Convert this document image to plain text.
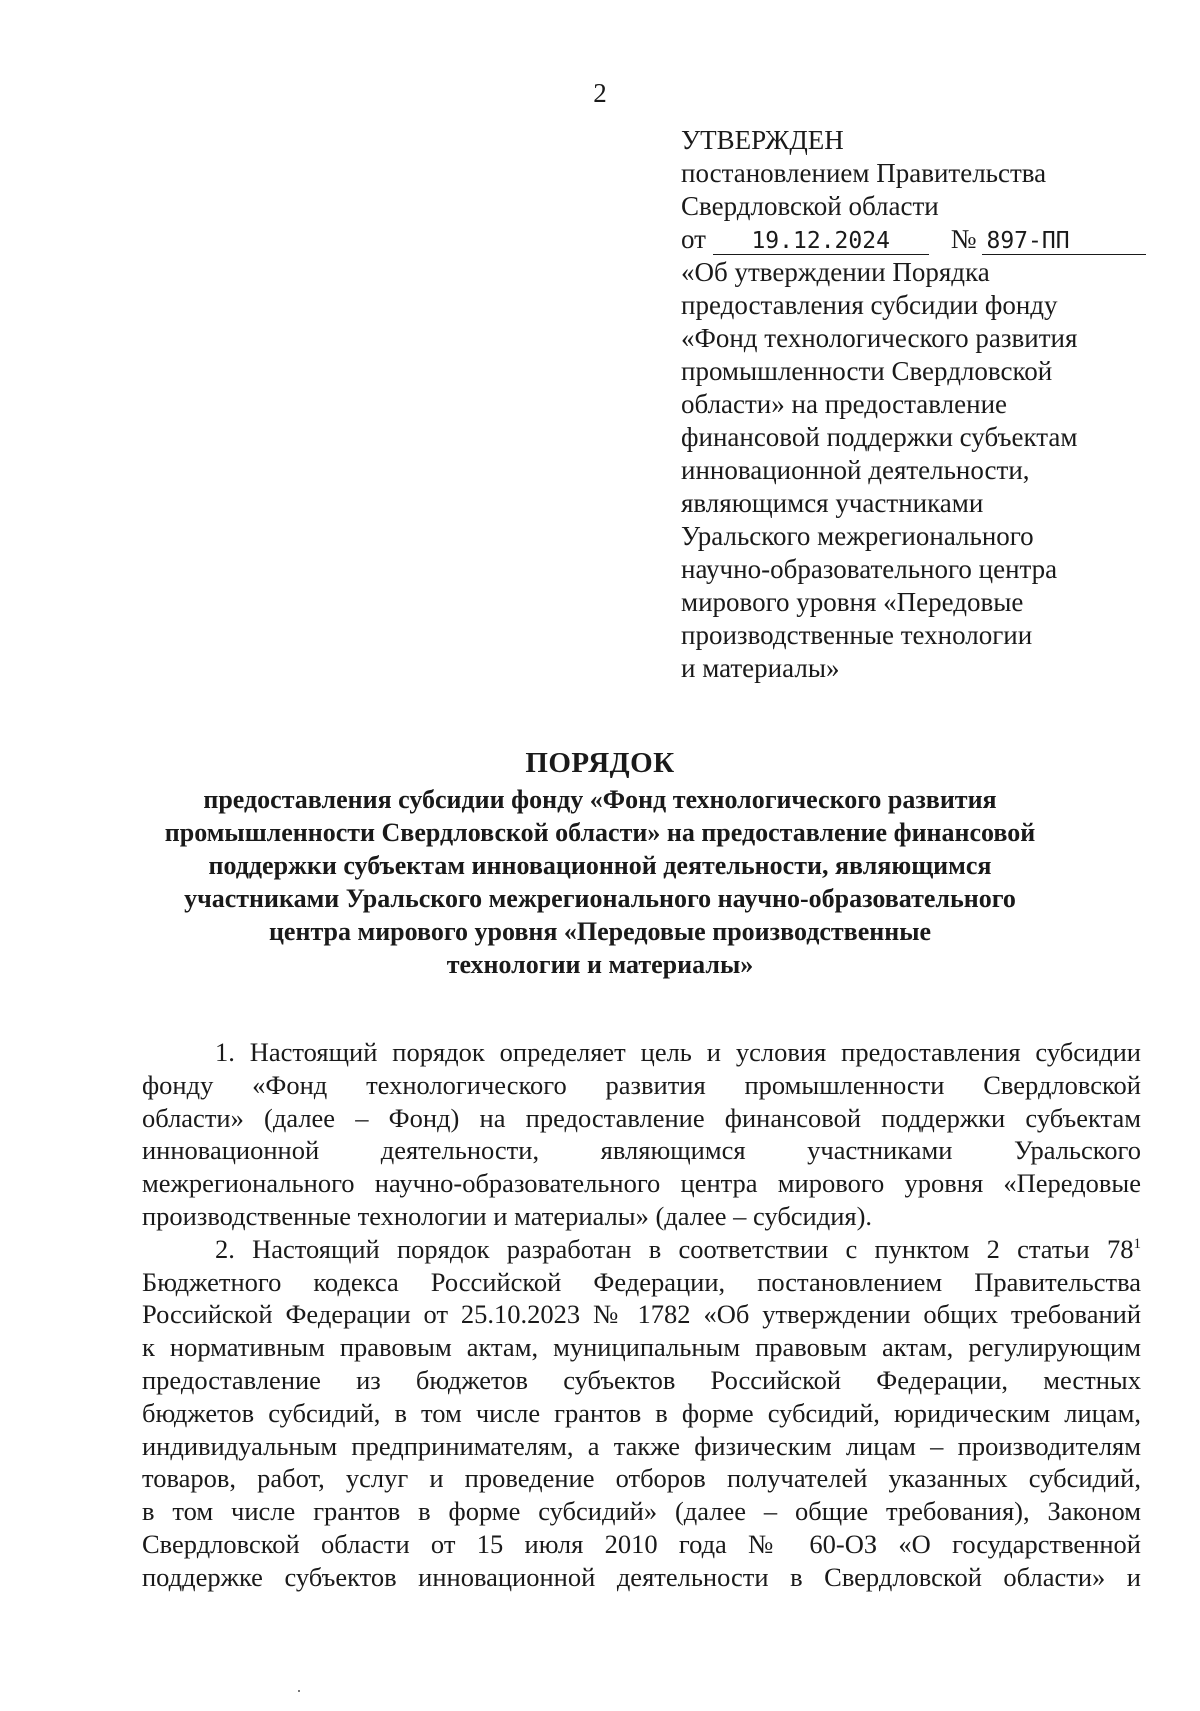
2
УТВЕРЖДЕН
постановлением Правительства
Свердловской области
от 19.12.2024 № 897-ПП
«Об утверждении Порядка
предоставления субсидии фонду
«Фонд технологического развития
промышленности Свердловской
области» на предоставление
финансовой поддержки субъектам
инновационной деятельности,
являющимся участниками
Уральского межрегионального
научно-образовательного центра
мирового уровня «Передовые
производственные технологии
и материалы»
ПОРЯДОК
предоставления субсидии фонду «Фонд технологического развития
промышленности Свердловской области» на предоставление финансовой
поддержки субъектам инновационной деятельности, являющимся
участниками Уральского межрегионального научно-образовательного
центра мирового уровня «Передовые производственные
технологии и материалы»
1. Настоящий порядок определяет цель и условия предоставления субсидии
фонду «Фонд технологического развития промышленности Свердловской
области» (далее – Фонд) на предоставление финансовой поддержки субъектам
инновационной деятельности, являющимся участниками Уральского
межрегионального научно-образовательного центра мирового уровня «Передовые
производственные технологии и материалы» (далее – субсидия).
2. Настоящий порядок разработан в соответствии с пунктом 2 статьи $78^1$
Бюджетного кодекса Российской Федерации, постановлением Правительства
Российской Федерации от 25.10.2023 № 1782 «Об утверждении общих требований
к нормативным правовым актам, муниципальным правовым актам, регулирующим
предоставление из бюджетов субъектов Российской Федерации, местных
бюджетов субсидий, в том числе грантов в форме субсидий, юридическим лицам,
индивидуальным предпринимателям, а также физическим лицам – производителям
товаров, работ, услуг и проведение отборов получателей указанных субсидий,
в том числе грантов в форме субсидий» (далее – общие требования), Законом
Свердловской области от 15 июля 2010 года № 60-ОЗ «О государственной
поддержке субъектов инновационной деятельности в Свердловской области» и
